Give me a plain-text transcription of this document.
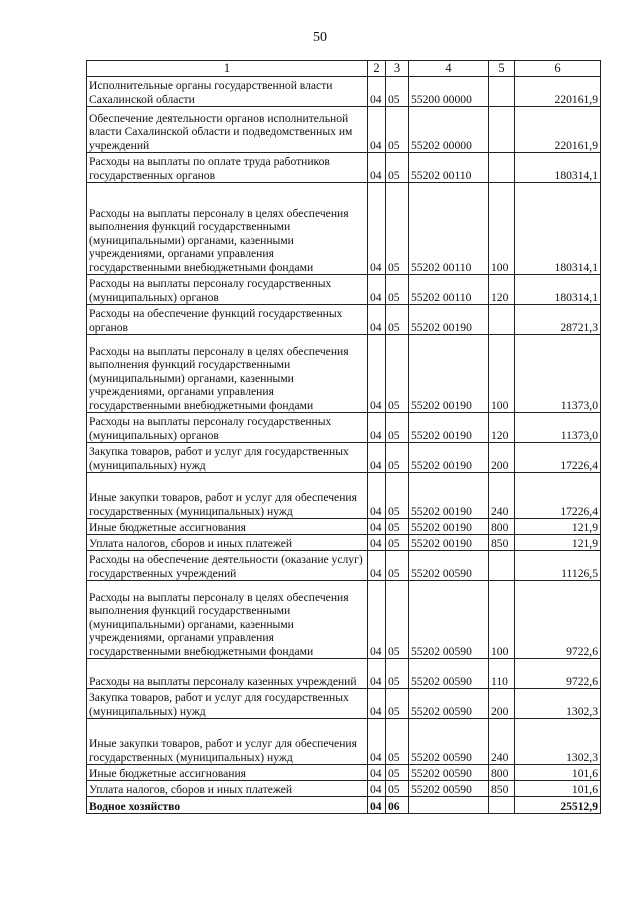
50
1	2	3	4	5	6
Исполнительные органы государственной власти Сахалинской области	04	05	55200 00000		220161,9
Обеспечение деятельности органов исполнительной власти Сахалинской области и подведомственных им учреждений	04	05	55202 00000		220161,9
Расходы на выплаты по оплате труда работников государственных органов	04	05	55202 00110		180314,1
Расходы на выплаты персоналу в целях обеспечения выполнения функций государственными (муниципальными) органами, казенными учреждениями, органами управления государственными внебюджетными фондами	04	05	55202 00110	100	180314,1
Расходы на выплаты персоналу государственных (муниципальных) органов	04	05	55202 00110	120	180314,1
Расходы на обеспечение функций государственных органов	04	05	55202 00190		28721,3
Расходы на выплаты персоналу в целях обеспечения выполнения функций государственными (муниципальными) органами, казенными учреждениями, органами управления государственными внебюджетными фондами	04	05	55202 00190	100	11373,0
Расходы на выплаты персоналу государственных (муниципальных) органов	04	05	55202 00190	120	11373,0
Закупка товаров, работ и услуг для государственных (муниципальных) нужд	04	05	55202 00190	200	17226,4
Иные закупки товаров, работ и услуг для обеспечения государственных (муниципальных) нужд	04	05	55202 00190	240	17226,4
Иные бюджетные ассигнования	04	05	55202 00190	800	121,9
Уплата налогов, сборов и иных платежей	04	05	55202 00190	850	121,9
Расходы на обеспечение деятельности (оказание услуг) государственных учреждений	04	05	55202 00590		11126,5
Расходы на выплаты персоналу в целях обеспечения выполнения функций государственными (муниципальными) органами, казенными учреждениями, органами управления государственными внебюджетными фондами	04	05	55202 00590	100	9722,6
Расходы на выплаты персоналу казенных учреждений	04	05	55202 00590	110	9722,6
Закупка товаров, работ и услуг для государственных (муниципальных) нужд	04	05	55202 00590	200	1302,3
Иные закупки товаров, работ и услуг для обеспечения государственных (муниципальных) нужд	04	05	55202 00590	240	1302,3
Иные бюджетные ассигнования	04	05	55202 00590	800	101,6
Уплата налогов, сборов и иных платежей	04	05	55202 00590	850	101,6
Водное хозяйство	04	06			25512,9
